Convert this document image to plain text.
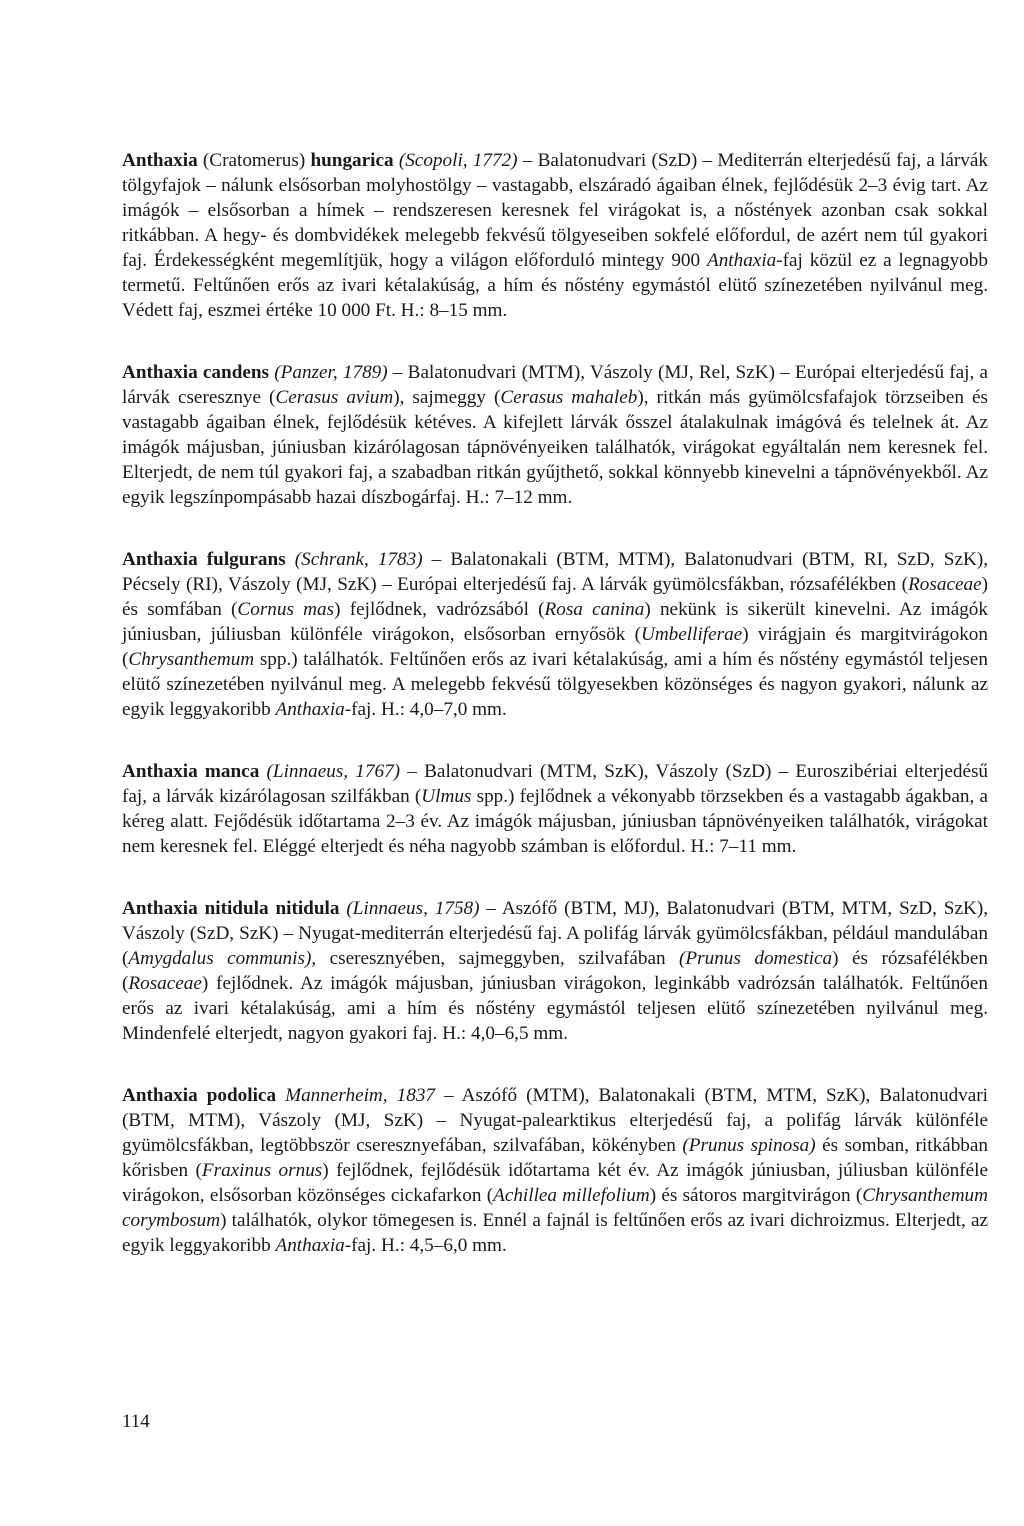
Anthaxia (Cratomerus) hungarica (Scopoli, 1772) – Balatonudvari (SzD) – Mediterrán elterjedésű faj, a lárvák tölgyfajok – nálunk elsősorban molyhostölgy – vastagabb, elszáradó ágaiban élnek, fejlődésük 2–3 évig tart. Az imágók – elsősorban a hímek – rendszeresen keresnek fel virágokat is, a nőstények azonban csak sokkal ritkábban. A hegy- és dombvidékek melegebb fekvésű tölgyeseiben sokfelé előfordul, de azért nem túl gyakori faj. Érdekességként megemlítjük, hogy a világon előforduló mintegy 900 Anthaxia-faj közül ez a legnagyobb termetű. Feltűnően erős az ivari kétalakúság, a hím és nőstény egymástól elütő színezetében nyilvánul meg. Védett faj, eszmei értéke 10 000 Ft. H.: 8–15 mm.

Anthaxia candens (Panzer, 1789) – Balatonudvari (MTM), Vászoly (MJ, Rel, SzK) – Európai elterjedésű faj, a lárvák cseresznye (Cerasus avium), sajmeggy (Cerasus mahaleb), ritkán más gyümölcsfafajok törzseiben és vastagabb ágaiban élnek, fejlődésük kétéves. A kifejlett lárvák ősszel átalakulnak imágóvá és telelnek át. Az imágók májusban, júniusban kizárólagosan tápnövényeiken találhatók, virágokat egyáltalán nem keresnek fel. Elterjedt, de nem túl gyakori faj, a szabadban ritkán gyűjthető, sokkal könnyebb kinevelni a tápnövényekből. Az egyik legszínpompásabb hazai díszbogárfaj. H.: 7–12 mm.

Anthaxia fulgurans (Schrank, 1783) – Balatonakali (BTM, MTM), Balatonudvari (BTM, RI, SzD, SzK), Pécsely (RI), Vászoly (MJ, SzK) – Európai elterjedésű faj. A lárvák gyümölcsfákban, rózsafélékben (Rosaceae) és somfában (Cornus mas) fejlődnek, vadrózsából (Rosa canina) nekünk is sikerült kinevelni. Az imágók júniusban, júliusban különféle virágokon, elsősorban ernyősök (Umbelliferae) virágjain és margitvirágokon (Chrysanthemum spp.) találhatók. Feltűnően erős az ivari kétalakúság, ami a hím és nőstény egymástól teljesen elütő színezetében nyilvánul meg. A melegebb fekvésű tölgyesekben közönséges és nagyon gyakori, nálunk az egyik leggyakoribb Anthaxia-faj. H.: 4,0–7,0 mm.

Anthaxia manca (Linnaeus, 1767) – Balatonudvari (MTM, SzK), Vászoly (SzD) – Euroszibériai elterjedésű faj, a lárvák kizárólagosan szilfákban (Ulmus spp.) fejlődnek a vékonyabb törzsekben és a vastagabb ágakban, a kéreg alatt. Fejődésük időtartama 2–3 év. Az imágók májusban, júniusban tápnövényeiken találhatók, virágokat nem keresnek fel. Eléggé elterjedt és néha nagyobb számban is előfordul. H.: 7–11 mm.

Anthaxia nitidula nitidula (Linnaeus, 1758) – Aszófő (BTM, MJ), Balatonudvari (BTM, MTM, SzD, SzK), Vászoly (SzD, SzK) – Nyugat-mediterrán elterjedésű faj. A polifág lárvák gyümölcsfákban, például mandulában (Amygdalus communis), cseresznyében, sajmeggyben, szilvafában (Prunus domestica) és rózsafélékben (Rosaceae) fejlődnek. Az imágók májusban, júniusban virágokon, leginkább vadrózsán találhatók. Feltűnően erős az ivari kétalakúság, ami a hím és nőstény egymástól teljesen elütő színezetében nyilvánul meg. Mindenfelé elterjedt, nagyon gyakori faj. H.: 4,0–6,5 mm.

Anthaxia podolica Mannerheim, 1837 – Aszófő (MTM), Balatonakali (BTM, MTM, SzK), Balatonudvari (BTM, MTM), Vászoly (MJ, SzK) – Nyugat-palearktikus elterjedésű faj, a polifág lárvák különféle gyümölcsfákban, legtöbbször cseresznyefában, szilvafában, kökényben (Prunus spinosa) és somban, ritkábban kőrisben (Fraxinus ornus) fejlődnek, fejlődésük időtartama két év. Az imágók júniusban, júliusban különféle virágokon, elsősorban közönséges cickafarkon (Achillea millefolium) és sátoros margitvirágon (Chrysanthemum corymbosum) találhatók, olykor tömegesen is. Ennél a fajnál is feltűnően erős az ivari dichroizmus. Elterjedt, az egyik leggyakoribb Anthaxia-faj. H.: 4,5–6,0 mm.

114
